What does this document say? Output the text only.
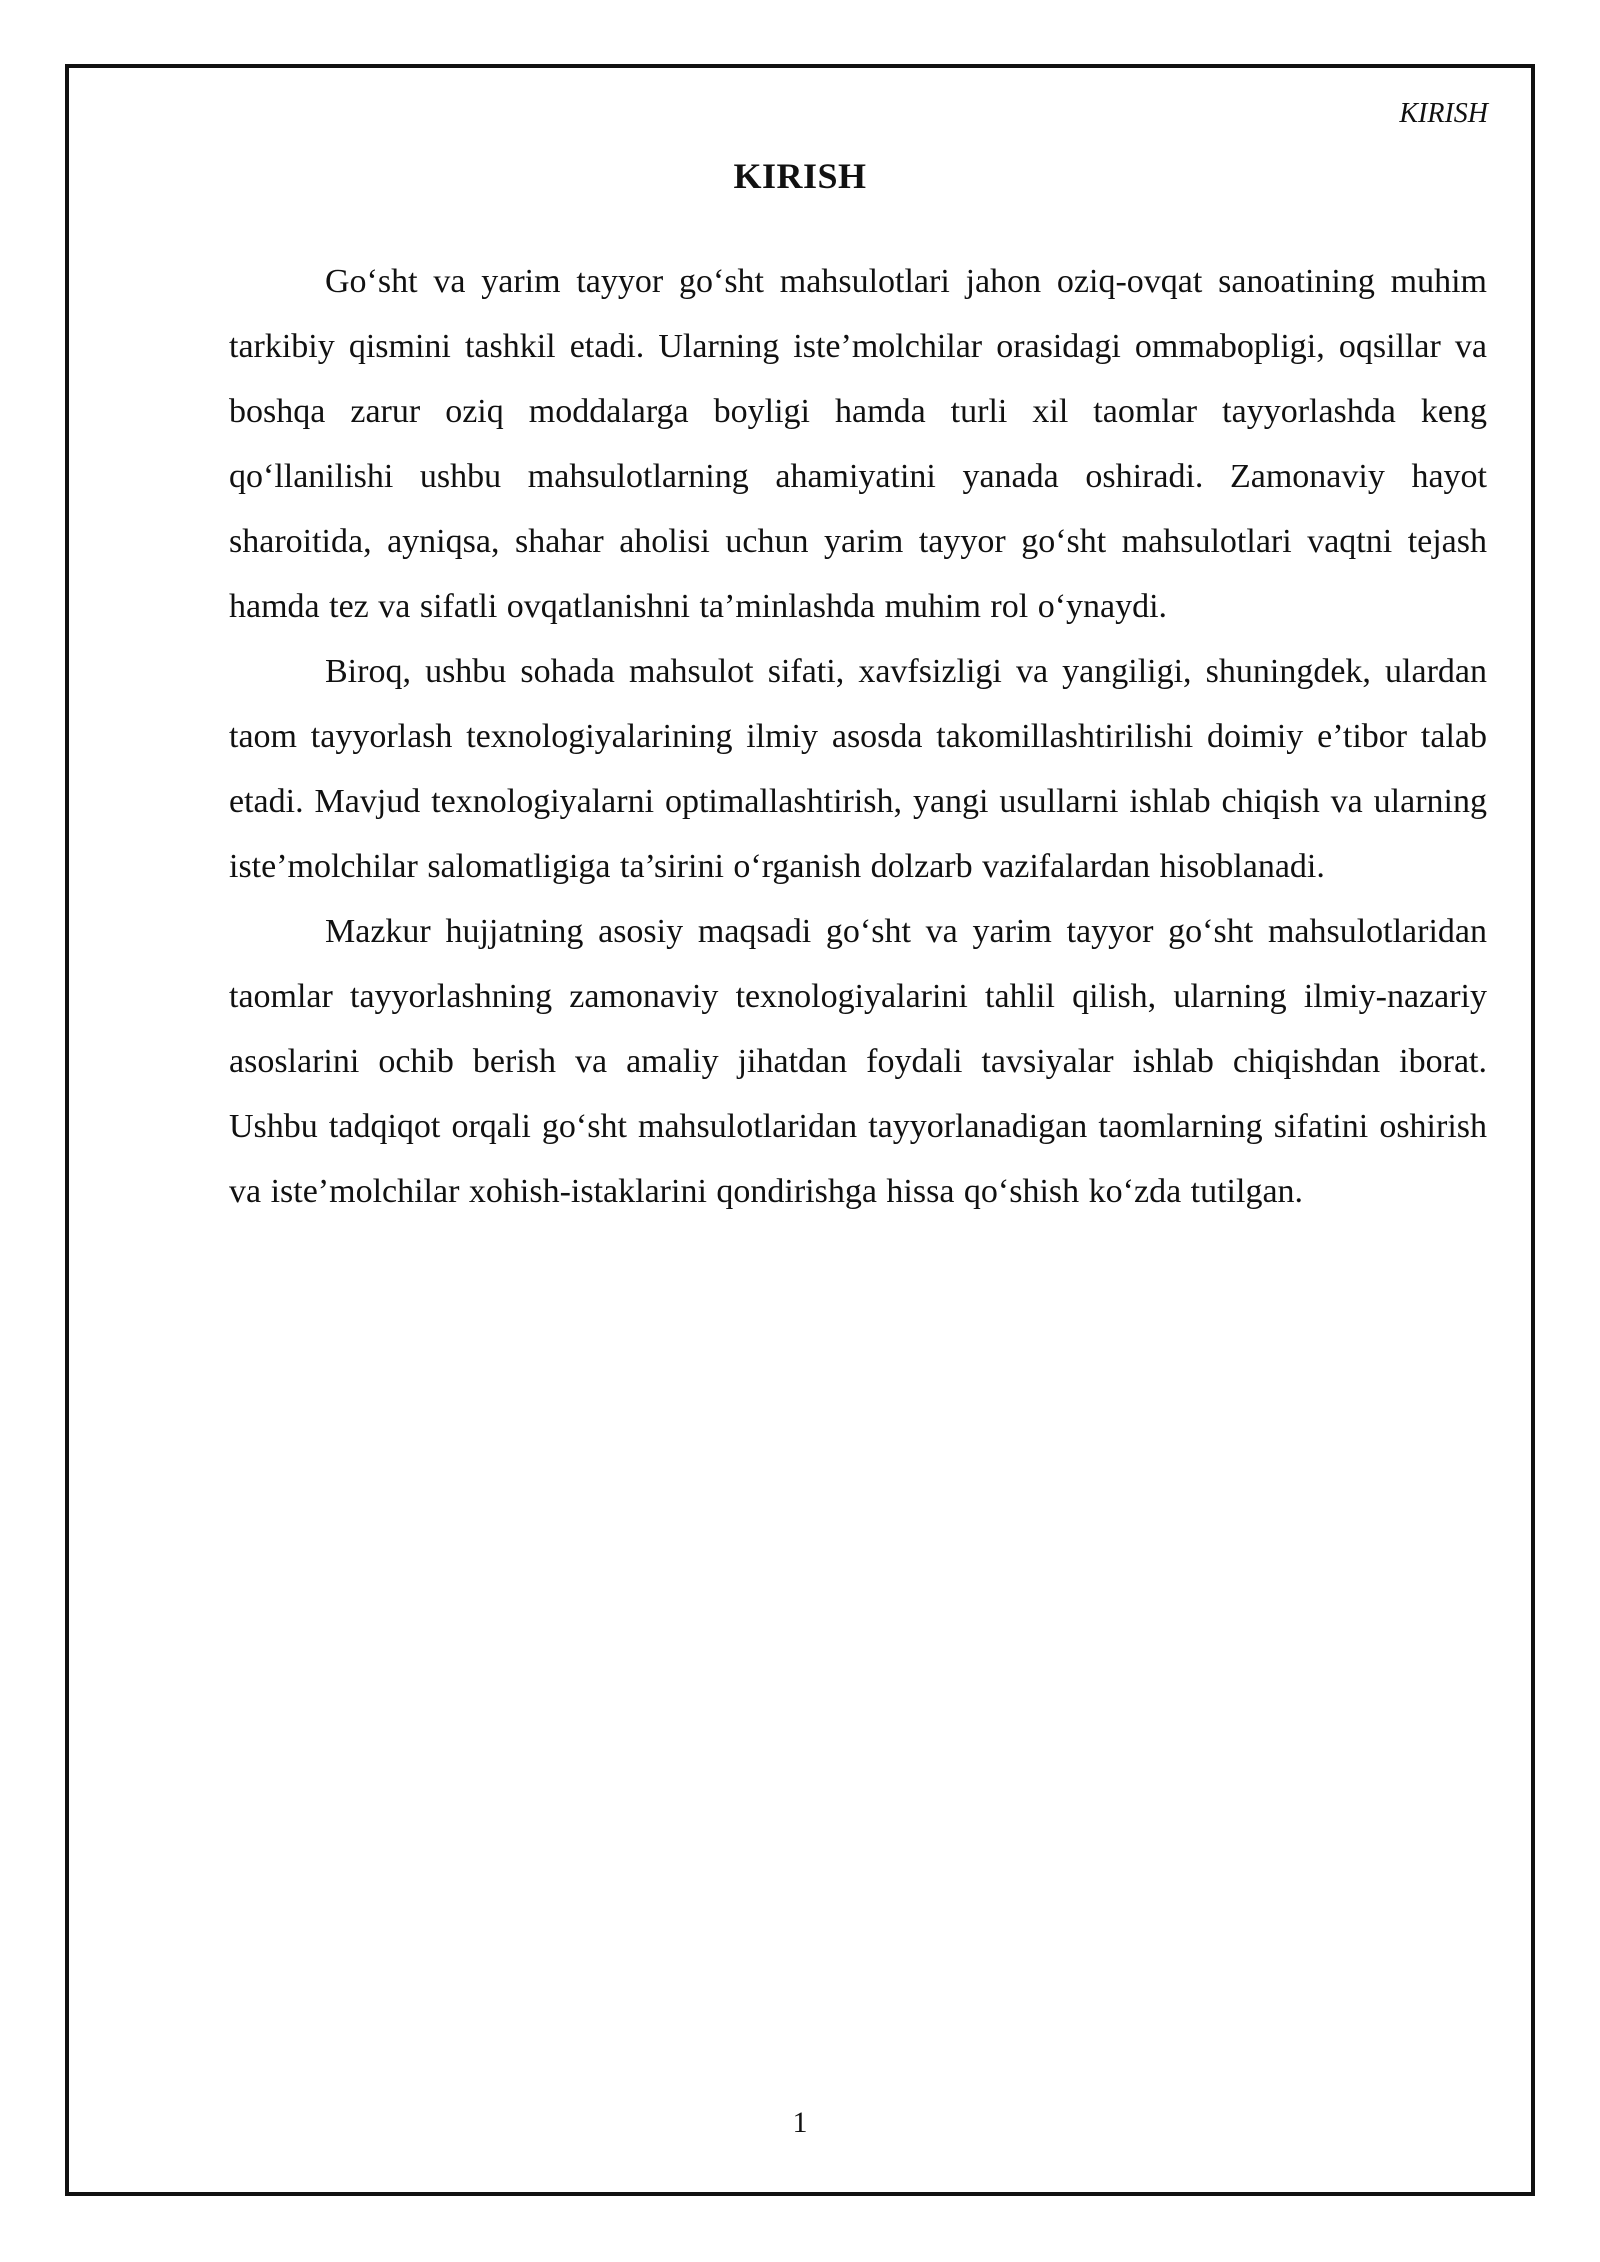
KIRISH
KIRISH

Go‘sht va yarim tayyor go‘sht mahsulotlari jahon oziq-ovqat sanoatining muhim tarkibiy qismini tashkil etadi. Ularning iste’molchilar orasidagi ommabopligi, oqsillar va boshqa zarur oziq moddalarga boyligi hamda turli xil taomlar tayyorlashda keng qo‘llanilishi ushbu mahsulotlarning ahamiyatini yanada oshiradi. Zamonaviy hayot sharoitida, ayniqsa, shahar aholisi uchun yarim tayyor go‘sht mahsulotlari vaqtni tejash hamda tez va sifatli ovqatlanishni ta’minlashda muhim rol o‘ynaydi.

Biroq, ushbu sohada mahsulot sifati, xavfsizligi va yangiligi, shuningdek, ulardan taom tayyorlash texnologiyalarining ilmiy asosda takomillashtirilishi doimiy e’tibor talab etadi. Mavjud texnologiyalarni optimallashtirish, yangi usullarni ishlab chiqish va ularning iste’molchilar salomatligiga ta’sirini o‘rganish dolzarb vazifalardan hisoblanadi.

Mazkur hujjatning asosiy maqsadi go‘sht va yarim tayyor go‘sht mahsulotlaridan taomlar tayyorlashning zamonaviy texnologiyalarini tahlil qilish, ularning ilmiy-nazariy asoslarini ochib berish va amaliy jihatdan foydali tavsiyalar ishlab chiqishdan iborat. Ushbu tadqiqot orqali go‘sht mahsulotlaridan tayyorlanadigan taomlarning sifatini oshirish va iste’molchilar xohish-istaklarini qondirishga hissa qo‘shish ko‘zda tutilgan.

1
